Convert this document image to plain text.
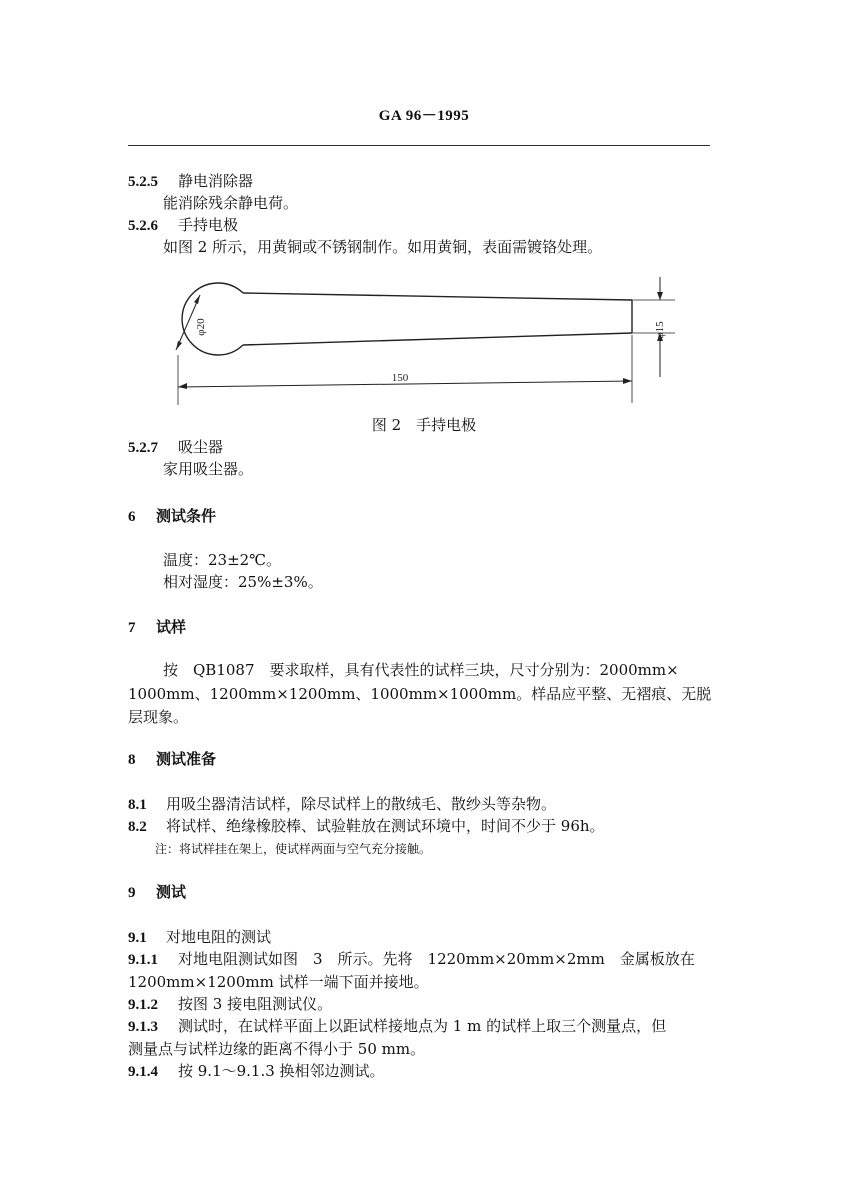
GA 96－1995
5.2.5 静电消除器
能消除残余静电荷。
5.2.6 手持电极
如图 2 所示，用黄铜或不锈钢制作。如用黄铜，表面需镀铬处理。
φ20	φ15
150
图 2　手持电极
5.2.7 吸尘器
家用吸尘器。
6 测试条件
温度：23±2℃。
相对湿度：25%±3%。
7 试样
按　QB1087　要求取样，具有代表性的试样三块，尺寸分别为：2000mm×
1000mm、1200mm×1200mm、1000mm×1000mm。样品应平整、无褶痕、无脱
层现象。
8 测试准备
8.1 用吸尘器清洁试样，除尽试样上的散绒毛、散纱头等杂物。
8.2 将试样、绝缘橡胶棒、试验鞋放在测试环境中，时间不少于 96h。
注：将试样挂在架上，使试样两面与空气充分接触。
9 测试
9.1 对地电阻的测试
9.1.1 对地电阻测试如图　3　所示。先将　1220mm×20mm×2mm　金属板放在
1200mm×1200mm 试样一端下面并接地。
9.1.2 按图 3 接电阻测试仪。
9.1.3 测试时，在试样平面上以距试样接地点为 1 m 的试样上取三个测量点，但
测量点与试样边缘的距离不得小于 50 mm。
9.1.4 按 9.1～9.1.3 换相邻边测试。
